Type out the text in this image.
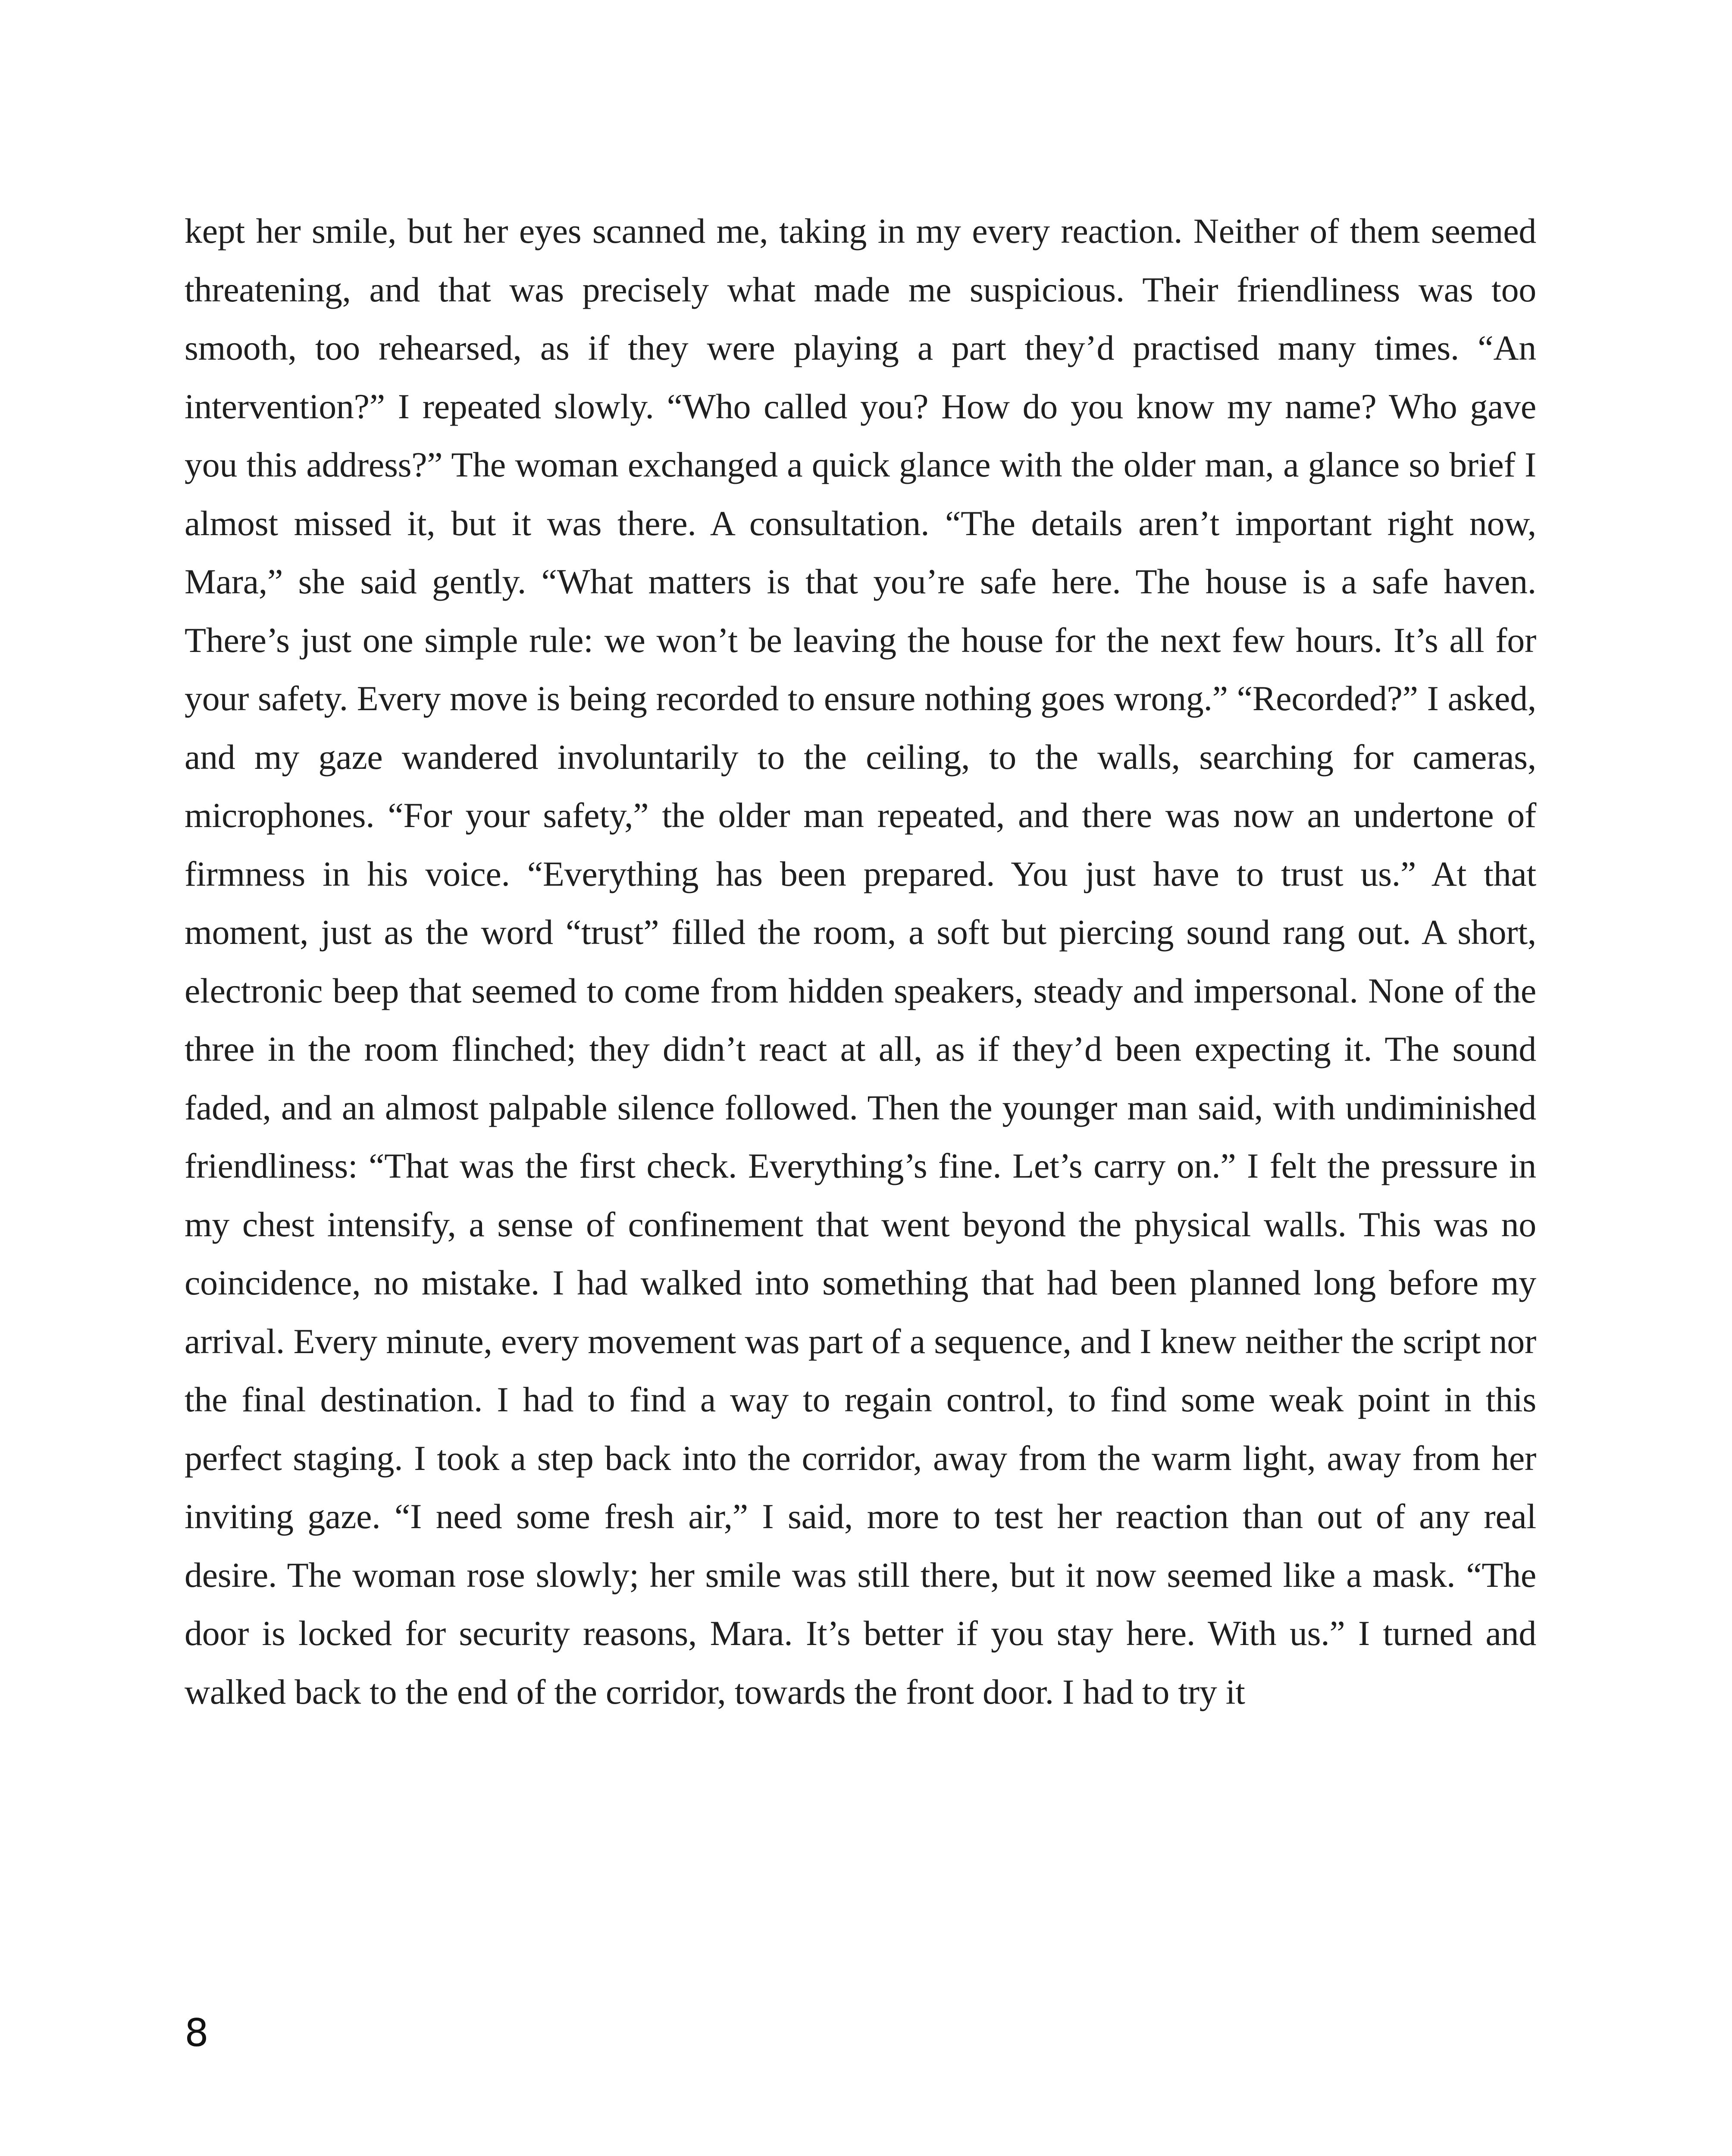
kept her smile, but her eyes scanned me, taking in my every reaction. Neither of them seemed threatening, and that was precisely what made me suspicious. Their friendliness was too smooth, too rehearsed, as if they were playing a part they’d practised many times. “An intervention?” I repeated slowly. “Who called you? How do you know my name? Who gave you this address?” The woman exchanged a quick glance with the older man, a glance so brief I almost missed it, but it was there. A consultation. “The details aren’t important right now, Mara,” she said gently. “What matters is that you’re safe here. The house is a safe haven. There’s just one simple rule: we won’t be leaving the house for the next few hours. It’s all for your safety. Every move is being recorded to ensure nothing goes wrong.” “Recorded?” I asked, and my gaze wandered involuntarily to the ceiling, to the walls, searching for cameras, microphones. “For your safety,” the older man repeated, and there was now an undertone of firmness in his voice. “Everything has been prepared. You just have to trust us.” At that moment, just as the word “trust” filled the room, a soft but piercing sound rang out. A short, electronic beep that seemed to come from hidden speakers, steady and impersonal. None of the three in the room flinched; they didn’t react at all, as if they’d been expecting it. The sound faded, and an almost palpable silence followed. Then the younger man said, with undiminished friendliness: “That was the first check. Everything’s fine. Let’s carry on.” I felt the pressure in my chest intensify, a sense of confinement that went beyond the physical walls. This was no coincidence, no mistake. I had walked into something that had been planned long before my arrival. Every minute, every movement was part of a sequence, and I knew neither the script nor the final destination. I had to find a way to regain control, to find some weak point in this perfect staging. I took a step back into the corridor, away from the warm light, away from her inviting gaze. “I need some fresh air,” I said, more to test her reaction than out of any real desire. The woman rose slowly; her smile was still there, but it now seemed like a mask. “The door is locked for security reasons, Mara. It’s better if you stay here. With us.” I turned and walked back to the end of the corridor, towards the front door. I had to try it

8
